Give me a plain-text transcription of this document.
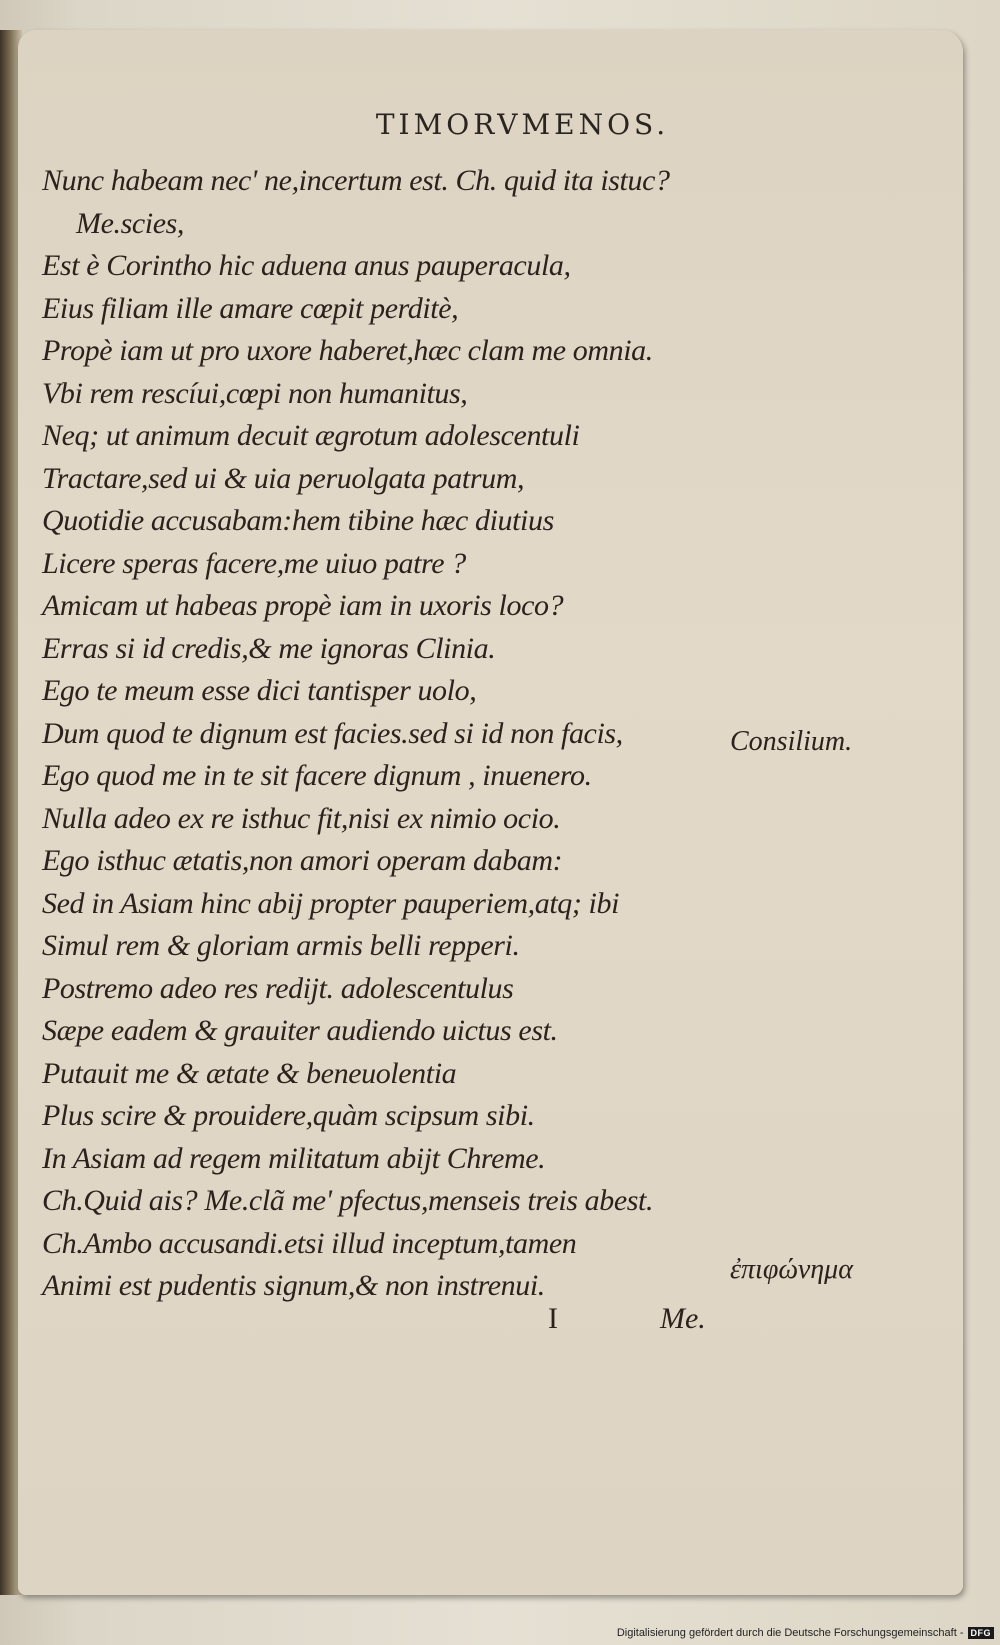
TIMORVMENOS.
Nunc habeam nec' ne,incertum est. Ch. quid ita istuc?
Me.scies,
Est è Corintho hic aduena anus pauperacula,
Eius filiam ille amare cœpit perditè,
Propè iam ut pro uxore haberet,hæc clam me omnia.
Vbi rem rescíui,cœpi non humanitus,
Neq; ut animum decuit ægrotum adolescentuli
Tractare,sed ui & uia peruolgata patrum,
Quotidie accusabam:hem tibine hæc diutius
Licere speras facere,me uiuo patre ?
Amicam ut habeas propè iam in uxoris loco?
Erras si id credis,& me ignoras Clinia.
Ego te meum esse dici tantisper uolo,
Dum quod te dignum est facies.sed si id non facis,
Ego quod me in te sit facere dignum , inuenero.
Nulla adeo ex re isthuc fit,nisi ex nimio ocio.
Ego isthuc ætatis,non amori operam dabam:
Sed in Asiam hinc abij propter pauperiem,atq; ibi
Simul rem & gloriam armis belli repperi.
Postremo adeo res redijt. adolescentulus
Sæpe eadem & grauiter audiendo uictus est.
Putauit me & ætate & beneuolentia
Plus scire & prouidere,quàm scipsum sibi.
In Asiam ad regem militatum abijt Chreme.
Ch.Quid ais? Me.clã me' pfectus,menseis treis abest.
Ch.Ambo accusandi.etsi illud inceptum,tamen
Animi est pudentis signum,& non instrenui.
Consilium.
ἐπιφώνημα
I	Me.
Digitalisierung gefördert durch die Deutsche Forschungsgemeinschaft - DFG
